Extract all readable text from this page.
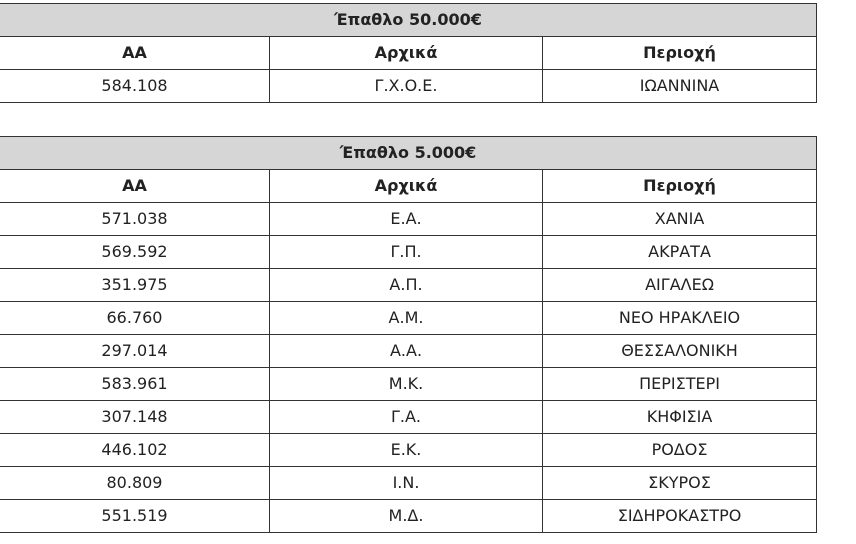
Έπαθλο 50.000€		
ΑΑ	Αρχικά	Περιοχή
584.108	Γ.Χ.Ο.Ε.	ΙΩΑΝΝΙΝΑ
Έπαθλο 5.000€		
ΑΑ	Αρχικά	Περιοχή
571.038	Ε.Α.	ΧΑΝΙΑ
569.592	Γ.Π.	ΑΚΡΑΤΑ
351.975	Α.Π.	ΑΙΓΑΛΕΩ
66.760	Α.Μ.	ΝΕΟ ΗΡΑΚΛΕΙΟ
297.014	Α.Α.	ΘΕΣΣΑΛΟΝΙΚΗ
583.961	Μ.Κ.	ΠΕΡΙΣΤΕΡΙ
307.148	Γ.Α.	ΚΗΦΙΣΙΑ
446.102	Ε.Κ.	ΡΟΔΟΣ
80.809	Ι.Ν.	ΣΚΥΡΟΣ
551.519	Μ.Δ.	ΣΙΔΗΡΟΚΑΣΤΡΟ
